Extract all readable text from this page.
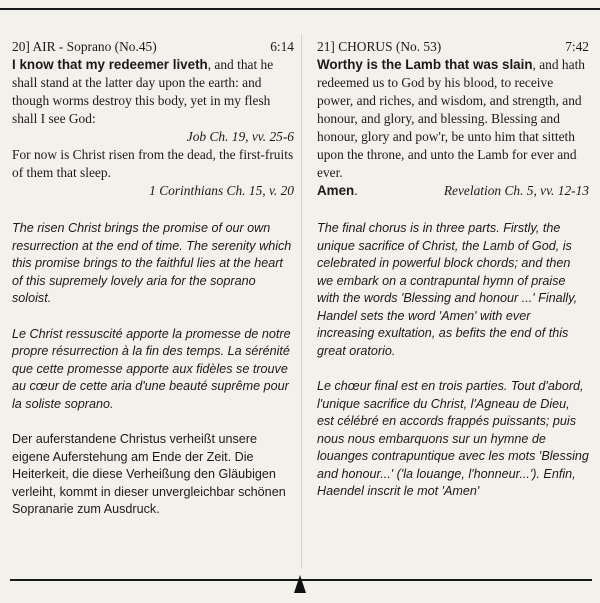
20] AIR - Soprano (No.45)	6:14

I know that my redeemer liveth, and that he shall stand at the latter day upon the earth: and though worms destroy this body, yet in my flesh shall I see God:

Job Ch. 19, vv. 25-6

For now is Christ risen from the dead, the first-fruits of them that sleep.

1 Corinthians Ch. 15, v. 20

The risen Christ brings the promise of our own resurrection at the end of time. The serenity which this promise brings to the faithful lies at the heart of this supremely lovely aria for the soprano soloist.

Le Christ ressuscité apporte la promesse de notre propre résurrection à la fin des temps. La sérénité que cette promesse apporte aux fidèles se trouve au cœur de cette aria d'une beauté suprême pour la soliste soprano.

Der auferstandene Christus verheißt unsere eigene Auferstehung am Ende der Zeit. Die Heiterkeit, die diese Verheißung den Gläubigen verleiht, kommt in dieser unvergleichbar schönen Sopranarie zum Ausdruck.

21] CHORUS (No. 53)	7:42

Worthy is the Lamb that was slain, and hath redeemed us to God by his blood, to receive power, and riches, and wisdom, and strength, and honour, and glory, and blessing. Blessing and honour, glory and pow'r, be unto him that sitteth upon the throne, and unto the Lamb for ever and ever.

Amen.	Revelation Ch. 5, vv. 12-13

The final chorus is in three parts. Firstly, the unique sacrifice of Christ, the Lamb of God, is celebrated in powerful block chords; and then we embark on a contrapuntal hymn of praise with the words 'Blessing and honour ...' Finally, Handel sets the word 'Amen' with ever increasing exultation, as befits the end of this great oratorio.

Le chœur final est en trois parties. Tout d'abord, l'unique sacrifice du Christ, l'Agneau de Dieu, est célébré en accords frappés puissants; puis nous nous embarquons sur un hymne de louanges contrapuntique avec les mots 'Blessing and honour...' ('la louange, l'honneur...'). Enfin, Haendel inscrit le mot 'Amen'
